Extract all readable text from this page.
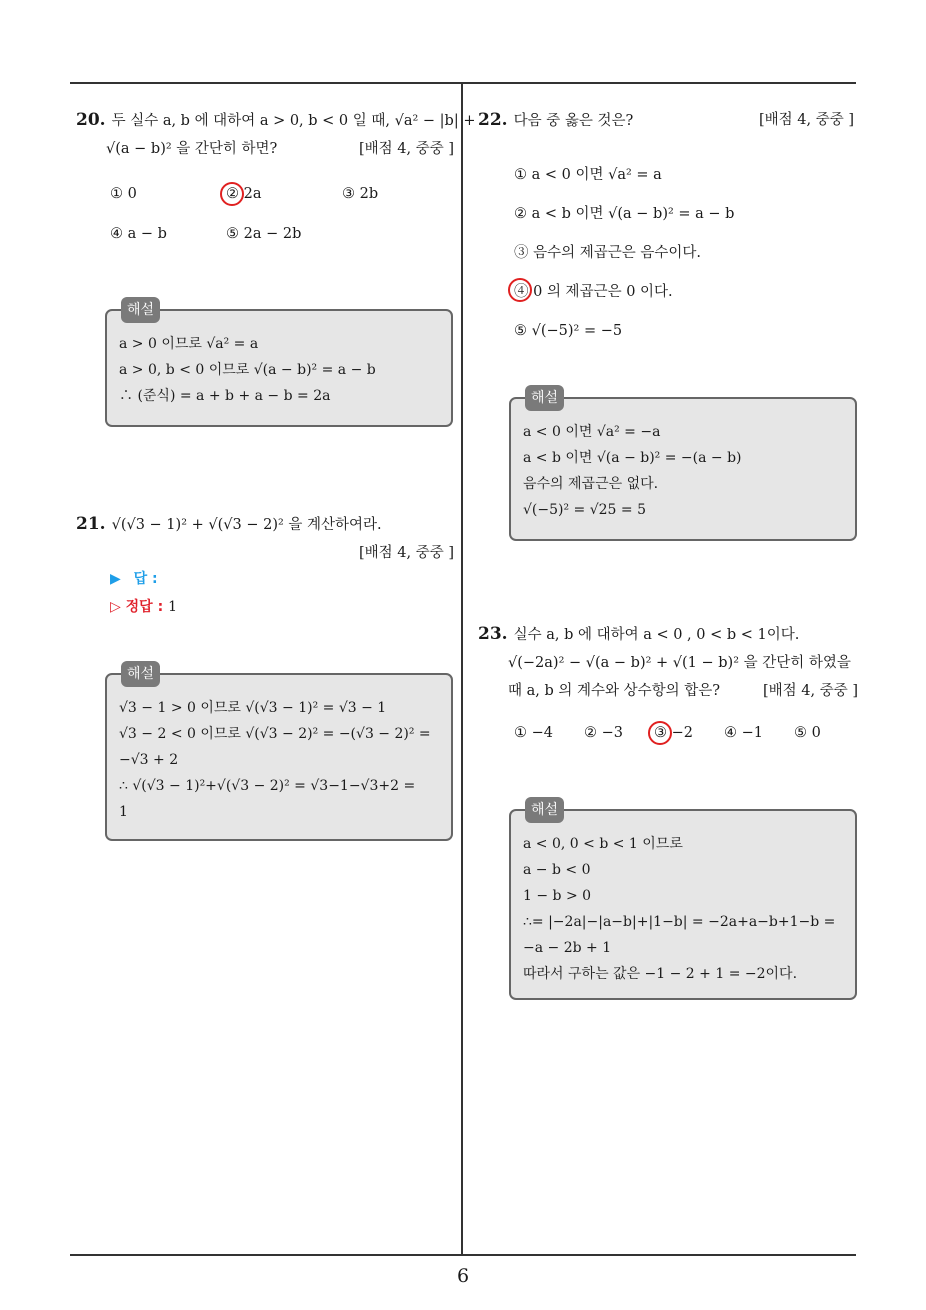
20. 두 실수 a, b 에 대하여 a > 0, b < 0 일 때, √a² − |b| +
√(a − b)² 을 간단히 하면?	[배점 4, 중중 ]
① 0	② 2a	③ 2b
④ a − b	⑤ 2a − 2b
해설
a > 0 이므로 √a² = a
a > 0, b < 0 이므로 √(a − b)² = a − b
∴ (준식) = a + b + a − b = 2a
21. √(√3 − 1)² + √(√3 − 2)² 을 계산하여라.
[배점 4, 중중 ]
▶ 답 :
▷ 정답 : 1
해설
√3 − 1 > 0 이므로 √(√3 − 1)² = √3 − 1
√3 − 2 < 0 이므로 √(√3 − 2)² = −(√3 − 2)² =
−√3 + 2
∴ √(√3 − 1)²+√(√3 − 2)² = √3−1−√3+2 =
1
22. 다음 중 옳은 것은?	[배점 4, 중중 ]
① a < 0 이면 √a² = a
② a < b 이면 √(a − b)² = a − b
③ 음수의 제곱근은 음수이다.
④ 0 의 제곱근은 0 이다.
⑤ √(−5)² = −5
해설
a < 0 이면 √a² = −a
a < b 이면 √(a − b)² = −(a − b)
음수의 제곱근은 없다.
√(−5)² = √25 = 5
23. 실수 a, b 에 대하여 a < 0 , 0 < b < 1이다.
√(−2a)² − √(a − b)² + √(1 − b)² 을 간단히 하였을
때 a, b 의 계수와 상수항의 합은?	[배점 4, 중중 ]
① −4 ② −3 ③ −2 ④ −1 ⑤ 0
해설
a < 0, 0 < b < 1 이므로
a − b < 0
1 − b > 0
∴= |−2a|−|a−b|+|1−b| = −2a+a−b+1−b =
−a − 2b + 1
따라서 구하는 값은 −1 − 2 + 1 = −2이다.
6
